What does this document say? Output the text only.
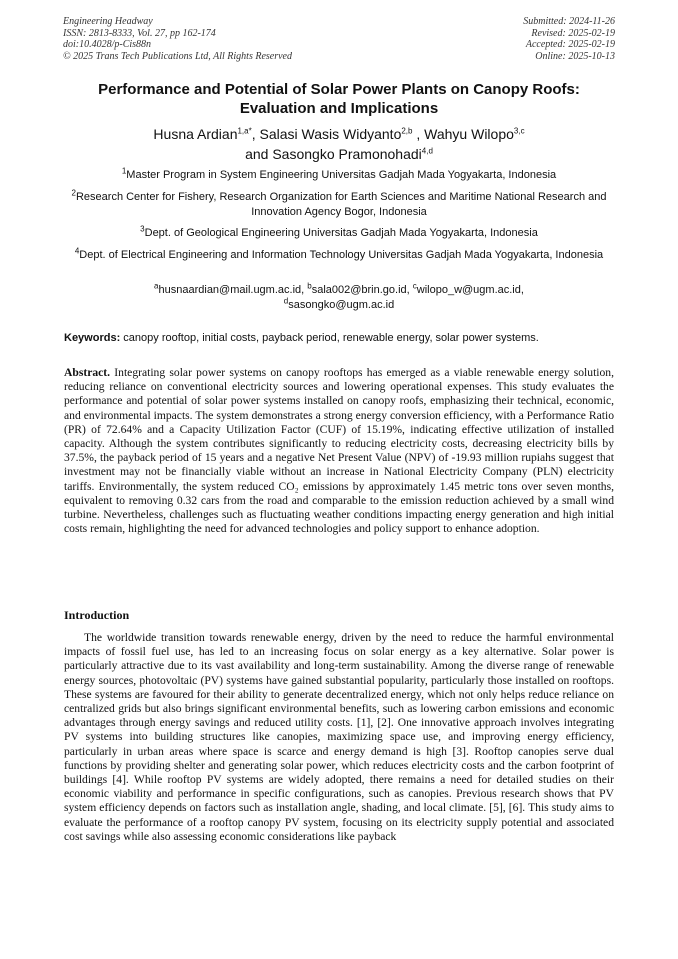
Engineering Headway
ISSN: 2813-8333, Vol. 27, pp 162-174
doi:10.4028/p-Cis88n
© 2025 Trans Tech Publications Ltd, All Rights Reserved
Submitted: 2024-11-26
Revised: 2025-02-19
Accepted: 2025-02-19
Online: 2025-10-13
Performance and Potential of Solar Power Plants on Canopy Roofs:
Evaluation and Implications
Husna Ardian$^{1,a*}$, Salasi Wasis Widyanto$^{2,b}$ , Wahyu Wilopo$^{3,c}$
and Sasongko Pramonohadi$^{4,d}$
$^1$Master Program in System Engineering Universitas Gadjah Mada Yogyakarta, Indonesia
$^2$Research Center for Fishery, Research Organization for Earth Sciences and Maritime National Research and Innovation Agency Bogor, Indonesia
$^3$Dept. of Geological Engineering Universitas Gadjah Mada Yogyakarta, Indonesia
$^4$Dept. of Electrical Engineering and Information Technology Universitas Gadjah Mada Yogyakarta, Indonesia
$^a$husnaardian@mail.ugm.ac.id, $^b$sala002@brin.go.id, $^c$wilopo_w@ugm.ac.id, $^d$sasongko@ugm.ac.id
Keywords: canopy rooftop, initial costs, payback period, renewable energy, solar power systems.

Abstract. Integrating solar power systems on canopy rooftops has emerged as a viable renewable energy solution, reducing reliance on conventional electricity sources and lowering operational expenses. This study evaluates the performance and potential of solar power systems installed on canopy roofs, emphasizing their technical, economic, and environmental impacts. The system demonstrates a strong energy conversion efficiency, with a Performance Ratio (PR) of 72.64% and a Capacity Utilization Factor (CUF) of 15.19%, indicating effective utilization of installed capacity. Although the system contributes significantly to reducing electricity costs, decreasing electricity bills by 37.5%, the payback period of 15 years and a negative Net Present Value (NPV) of -19.93 million rupiahs suggest that investment may not be financially viable without an increase in National Electricity Company (PLN) electricity tariffs. Environmentally, the system reduced CO₂ emissions by approximately 1.45 metric tons over seven months, equivalent to removing 0.32 cars from the road and comparable to the emission reduction achieved by a small wind turbine. Nevertheless, challenges such as fluctuating weather conditions impacting energy generation and high initial costs remain, highlighting the need for advanced technologies and policy support to enhance adoption.

Introduction

The worldwide transition towards renewable energy, driven by the need to reduce the harmful environmental impacts of fossil fuel use, has led to an increasing focus on solar energy as a key alternative. Solar power is particularly attractive due to its vast availability and long-term sustainability. Among the diverse range of renewable energy sources, photovoltaic (PV) systems have gained substantial popularity, particularly those installed on rooftops. These systems are favoured for their ability to generate decentralized energy, which not only helps reduce reliance on centralized grids but also brings significant environmental benefits, such as lowering carbon emissions and economic advantages through energy savings and reduced utility costs. [1], [2]. One innovative approach involves integrating PV systems into building structures like canopies, maximizing space use, and improving energy efficiency, particularly in urban areas where space is scarce and energy demand is high [3]. Rooftop canopies serve dual functions by providing shelter and generating solar power, which reduces electricity costs and the carbon footprint of buildings [4]. While rooftop PV systems are widely adopted, there remains a need for detailed studies on their economic viability and performance in specific configurations, such as canopies. Previous research shows that PV system efficiency depends on factors such as installation angle, shading, and local climate. [5], [6]. This study aims to evaluate the performance of a rooftop canopy PV system, focusing on its electricity supply potential and associated cost savings while also assessing economic considerations like payback
